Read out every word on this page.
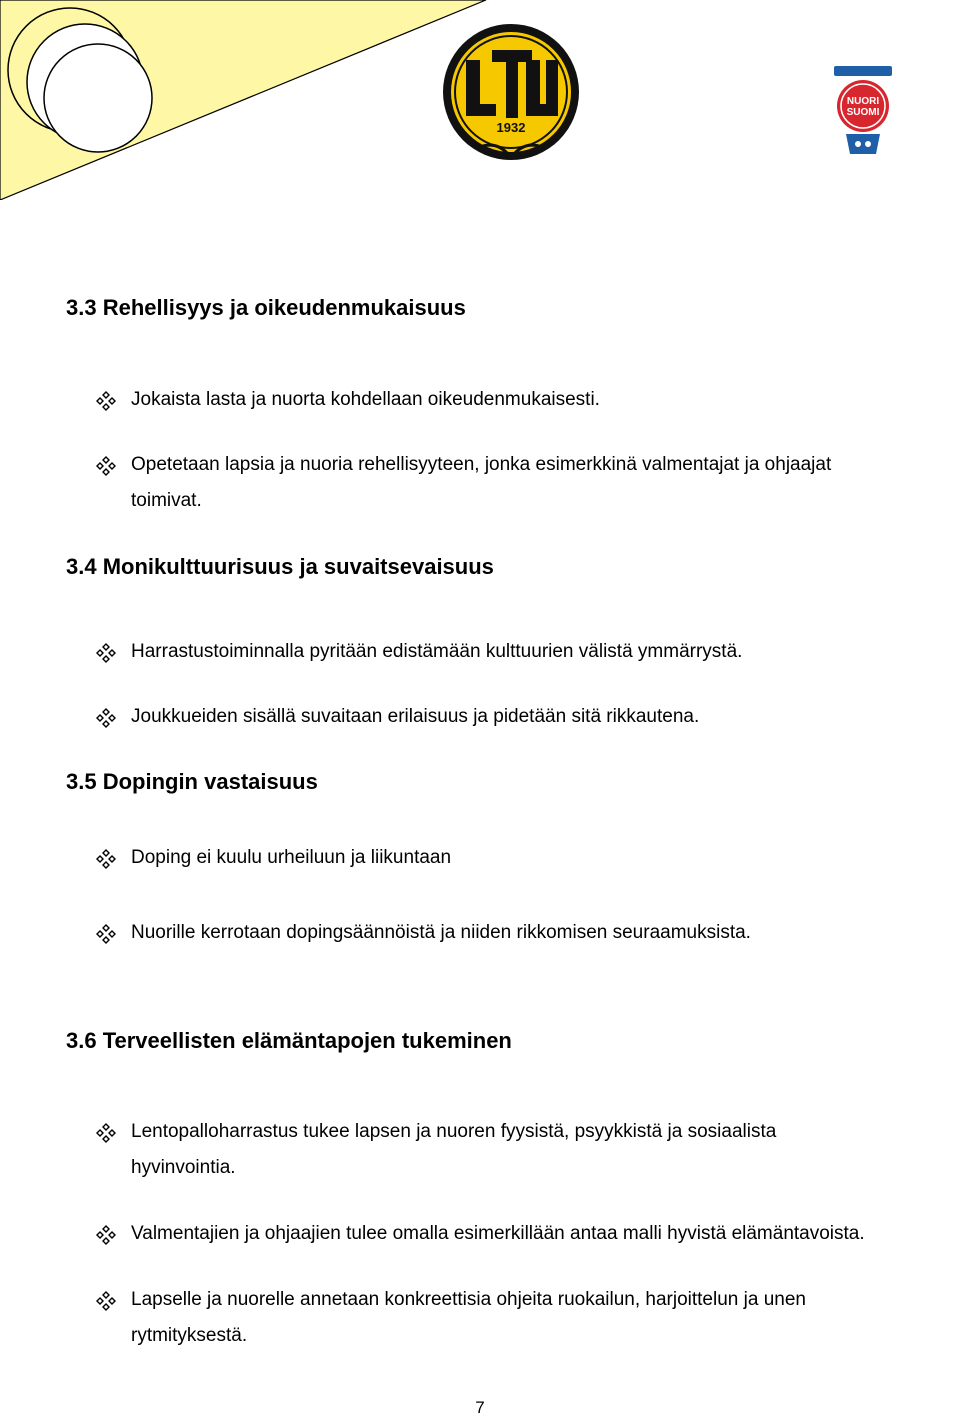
1932
NUORI
SUOMI
3.3 Rehellisyys ja oikeudenmukaisuus
Jokaista lasta ja nuorta kohdellaan oikeudenmukaisesti.
Opetetaan lapsia ja nuoria rehellisyyteen, jonka esimerkkinä valmentajat ja ohjaajat
toimivat.
3.4 Monikulttuurisuus ja suvaitsevaisuus
Harrastustoiminnalla pyritään edistämään kulttuurien välistä ymmärrystä.
Joukkueiden sisällä suvaitaan erilaisuus ja pidetään sitä rikkautena.
3.5 Dopingin vastaisuus
Doping ei kuulu urheiluun ja liikuntaan
Nuorille kerrotaan dopingsäännöistä ja niiden rikkomisen seuraamuksista.
3.6 Terveellisten elämäntapojen tukeminen
Lentopalloharrastus tukee lapsen ja nuoren fyysistä, psyykkistä ja sosiaalista
hyvinvointia.
Valmentajien ja ohjaajien tulee omalla esimerkillään antaa malli hyvistä elämäntavoista.
Lapselle ja nuorelle annetaan konkreettisia ohjeita ruokailun, harjoittelun ja unen
rytmityksestä.
7
